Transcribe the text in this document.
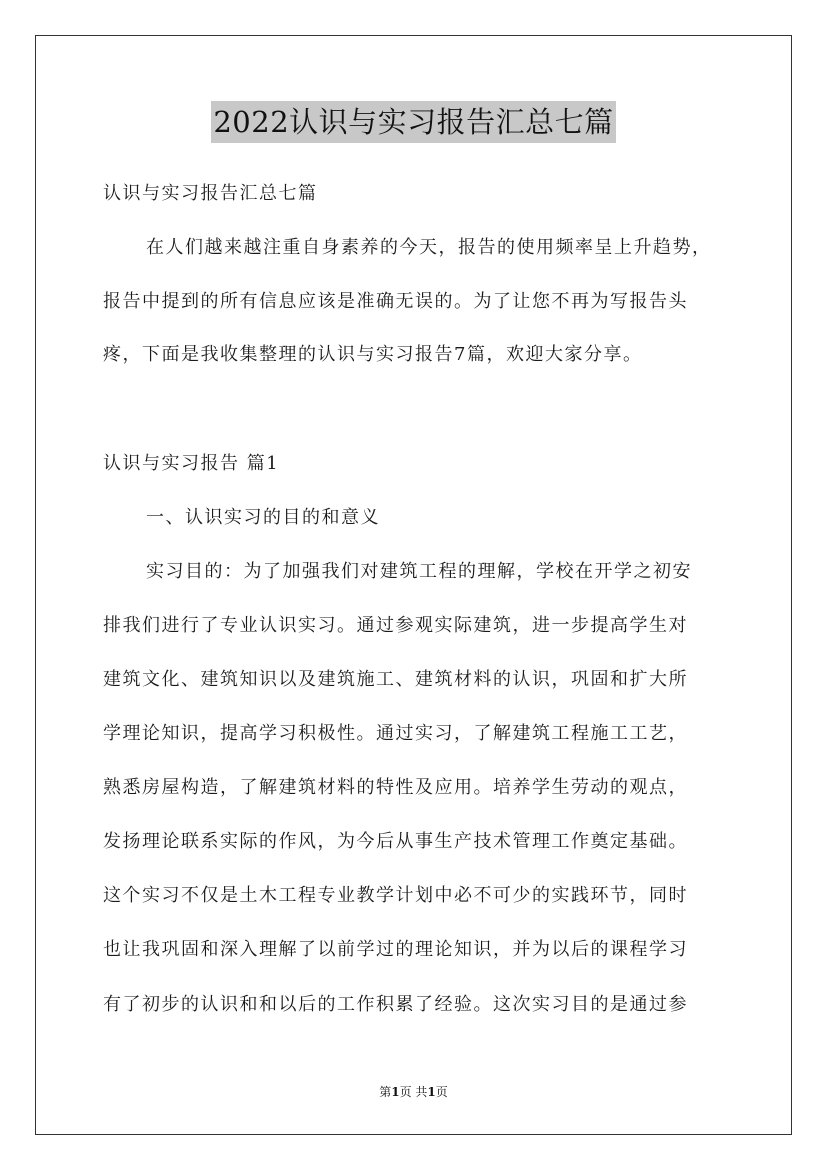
2022认识与实习报告汇总七篇
认识与实习报告汇总七篇
在人们越来越注重自身素养的今天，报告的使用频率呈上升趋势，
报告中提到的所有信息应该是准确无误的。为了让您不再为写报告头
疼，下面是我收集整理的认识与实习报告7篇，欢迎大家分享。
认识与实习报告 篇1
一、认识实习的目的和意义
实习目的：为了加强我们对建筑工程的理解，学校在开学之初安
排我们进行了专业认识实习。通过参观实际建筑，进一步提高学生对
建筑文化、建筑知识以及建筑施工、建筑材料的认识，巩固和扩大所
学理论知识，提高学习积极性。通过实习，了解建筑工程施工工艺，
熟悉房屋构造，了解建筑材料的特性及应用。培养学生劳动的观点，
发扬理论联系实际的作风，为今后从事生产技术管理工作奠定基础。
这个实习不仅是土木工程专业教学计划中必不可少的实践环节，同时
也让我巩固和深入理解了以前学过的理论知识，并为以后的课程学习
有了初步的认识和和以后的工作积累了经验。这次实习目的是通过参
第1页 共1页
